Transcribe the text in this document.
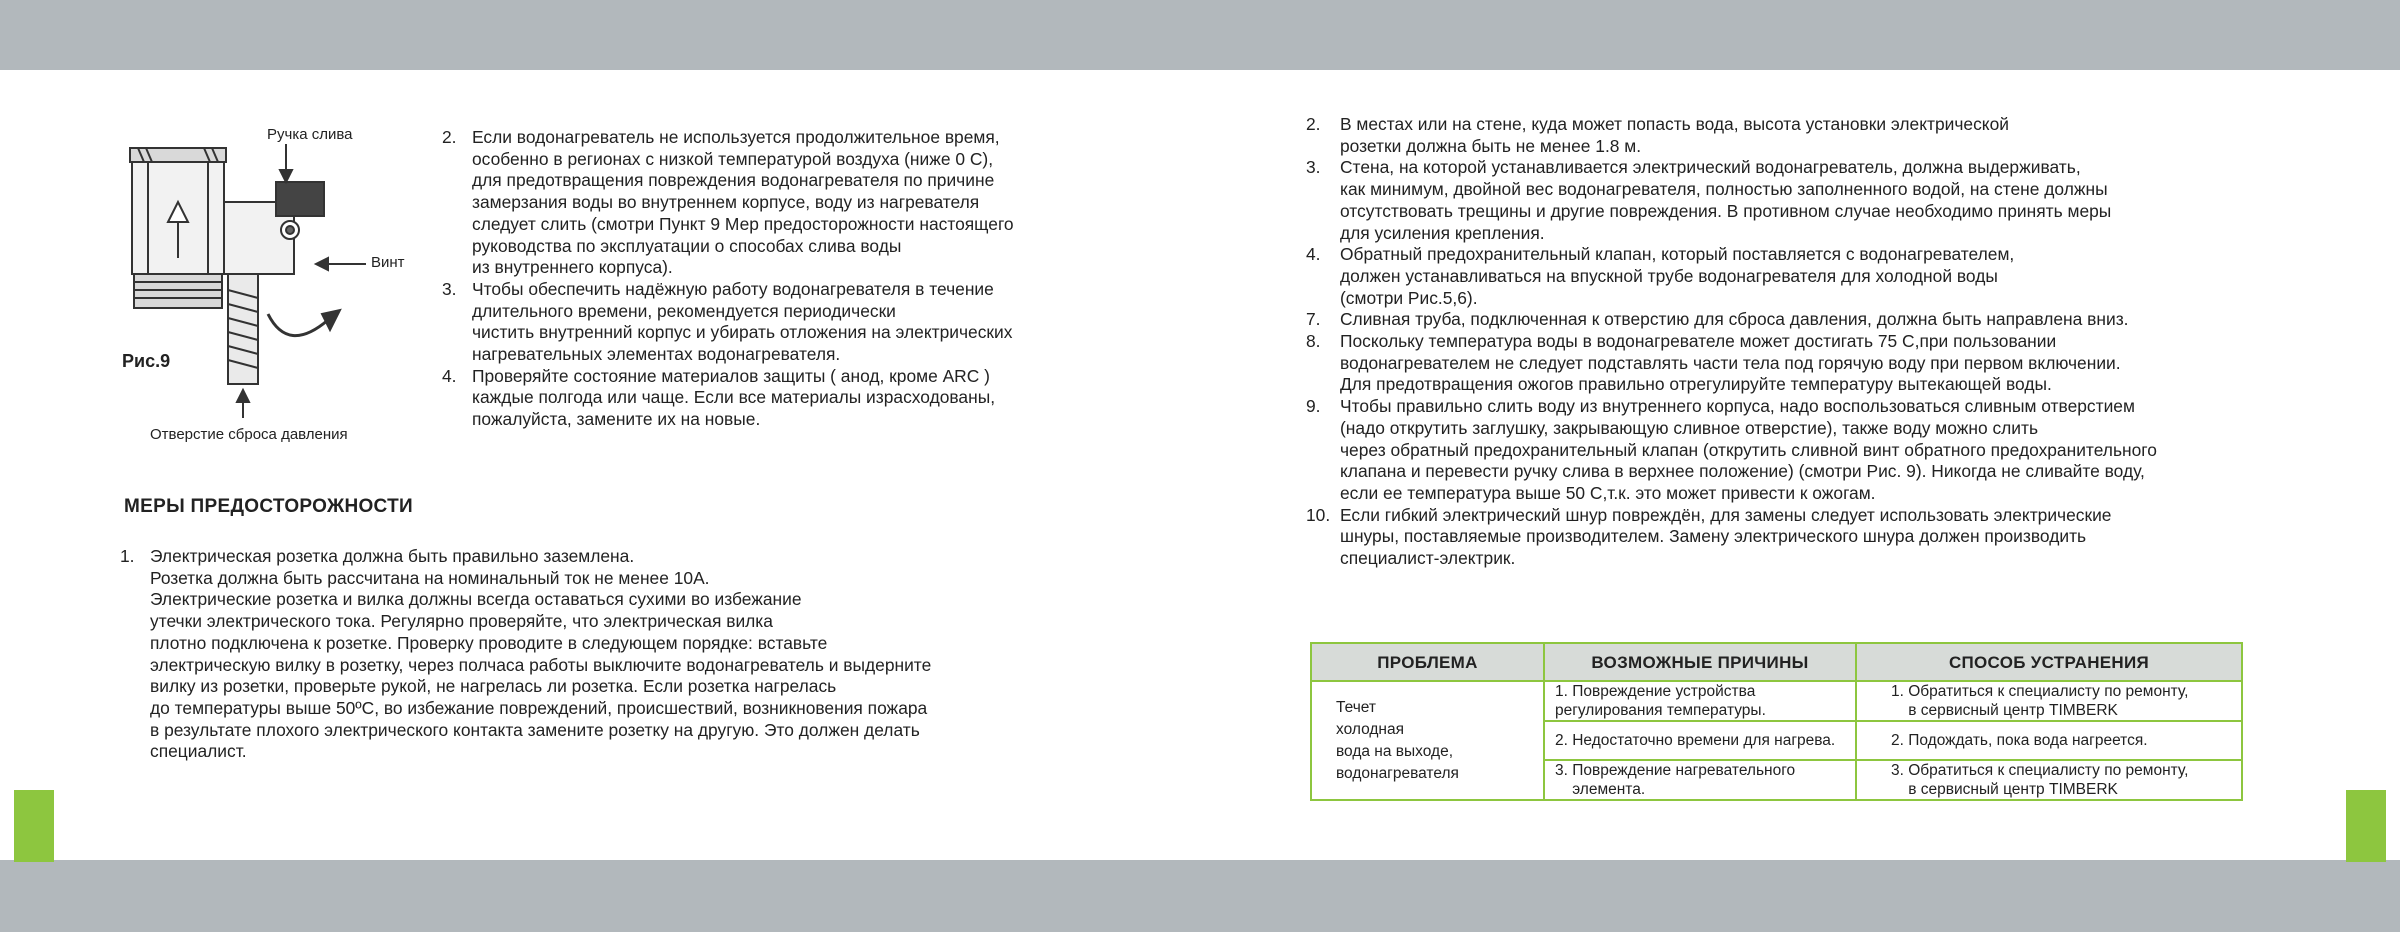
Ручка слива
Винт
Отверстие сброса давления
Рис.9
2. Если водонагреватель не используется продолжительное время,
особенно в регионах с низкой температурой воздуха (ниже 0 С),
для предотвращения повреждения водонагревателя по причине
замерзания воды во внутреннем корпусе, воду из нагревателя
следует слить (смотри Пункт 9 Мер предосторожности настоящего
руководства по эксплуатации о способах слива воды
из внутреннего корпуса).
3. Чтобы обеспечить надёжную работу водонагревателя в течение
длительного времени, рекомендуется периодически
чистить внутренний корпус и убирать отложения на электрических
нагревательных элементах водонагревателя.
4. Проверяйте состояние материалов защиты ( анод, кроме ARC )
каждые полгода или чаще. Если все материалы израсходованы,
пожалуйста, замените их на новые.
МЕРЫ ПРЕДОСТОРОЖНОСТИ
1. Электрическая розетка должна быть правильно заземлена.
Розетка должна быть рассчитана на номинальный ток не менее 10А.
Электрические розетка и вилка должны всегда оставаться сухими во избежание
утечки электрического тока. Регулярно проверяйте, что электрическая вилка
плотно подключена к розетке. Проверку проводите в следующем порядке: вставьте
электрическую вилку в розетку, через полчаса работы выключите водонагреватель и выдерните
вилку из розетки, проверьте рукой, не нагрелась ли розетка. Если розетка нагрелась
до температуры выше 50ºС, во избежание повреждений, происшествий, возникновения пожара
в результате плохого электрического контакта замените розетку на другую. Это должен делать
специалист.
2. В местах или на стене, куда может попасть вода, высота установки электрической
розетки должна быть не менее 1.8 м.
3. Стена, на которой устанавливается электрический водонагреватель, должна выдерживать,
как минимум, двойной вес водонагревателя, полностью заполненного водой, на стене должны
отсутствовать трещины и другие повреждения. В противном случае необходимо принять меры
для усиления крепления.
4. Обратный предохранительный клапан, который поставляется с водонагревателем,
должен устанавливаться на впускной трубе водонагревателя для холодной воды
(смотри Рис.5,6).
7. Сливная труба, подключенная к отверстию для сброса давления, должна быть направлена вниз.
8. Поскольку температура воды в водонагревателе может достигать 75 С,при пользовании
водонагревателем не следует подставлять части тела под горячую воду при первом включении.
Для предотвращения ожогов правильно отрегулируйте температуру вытекающей воды.
9. Чтобы правильно слить воду из внутреннего корпуса, надо воспользоваться сливным отверстием
(надо открутить заглушку, закрывающую сливное отверстие), также воду можно слить
через обратный предохранительный клапан (открутить сливной винт обратного предохранительного
клапана и перевести ручку слива в верхнее положение) (смотри Рис. 9). Никогда не сливайте воду,
если ее температура выше 50 С,т.к. это может привести к ожогам.
10. Если гибкий электрический шнур повреждён, для замены следует использовать электрические
шнуры, поставляемые производителем. Замену электрического шнура должен производить
специалист-электрик.
ПРОБЛЕМА	ВОЗМОЖНЫЕ ПРИЧИНЫ	СПОСОБ УСТРАНЕНИЯ

Течет
холодная
вода на выходе,
водонагревателя	1. Повреждение устройства
регулирования температуры.	1. Обратиться к специалисту по ремонту,
в сервисный центр TIMBERK

	2. Недостаточно времени для нагрева.	2. Подождать, пока вода нагреется.

	3. Повреждение нагревательного
элемента.	3. Обратиться к специалисту по ремонту,
в сервисный центр TIMBERK
